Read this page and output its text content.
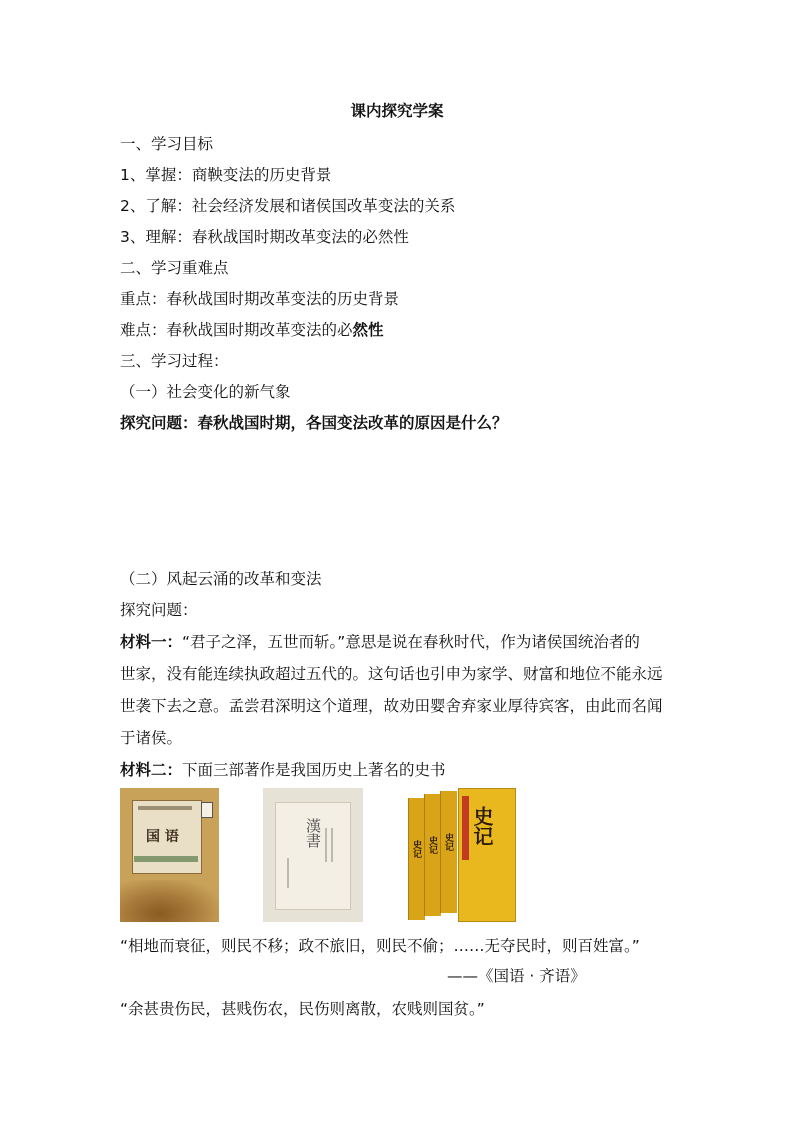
课内探究学案
一、学习目标
1、掌握：商鞅变法的历史背景
2、了解：社会经济发展和诸侯国改革变法的关系
3、理解：春秋战国时期改革变法的必然性
二、学习重难点
重点：春秋战国时期改革变法的历史背景
难点：春秋战国时期改革变法的必然性
三、学习过程：
（一）社会变化的新气象
探究问题：春秋战国时期，各国变法改革的原因是什么？
（二）风起云涌的改革和变法
探究问题：
材料一：“君子之泽，五世而斩。”意思是说在春秋时代，作为诸侯国统治者的
世家，没有能连续执政超过五代的。这句话也引申为家学、财富和地位不能永远
世袭下去之意。孟尝君深明这个道理，故劝田婴舍弃家业厚待宾客，由此而名闻
于诸侯。
材料二：下面三部著作是我国历史上著名的史书
国 语	漢書
史记 史记 史记 史记
“相地而衰征，则民不移；政不旅旧，则民不偷；……无夺民时，则百姓富。”
——《国语 · 齐语》
“余甚贵伤民，甚贱伤农，民伤则离散，农贱则国贫。”
